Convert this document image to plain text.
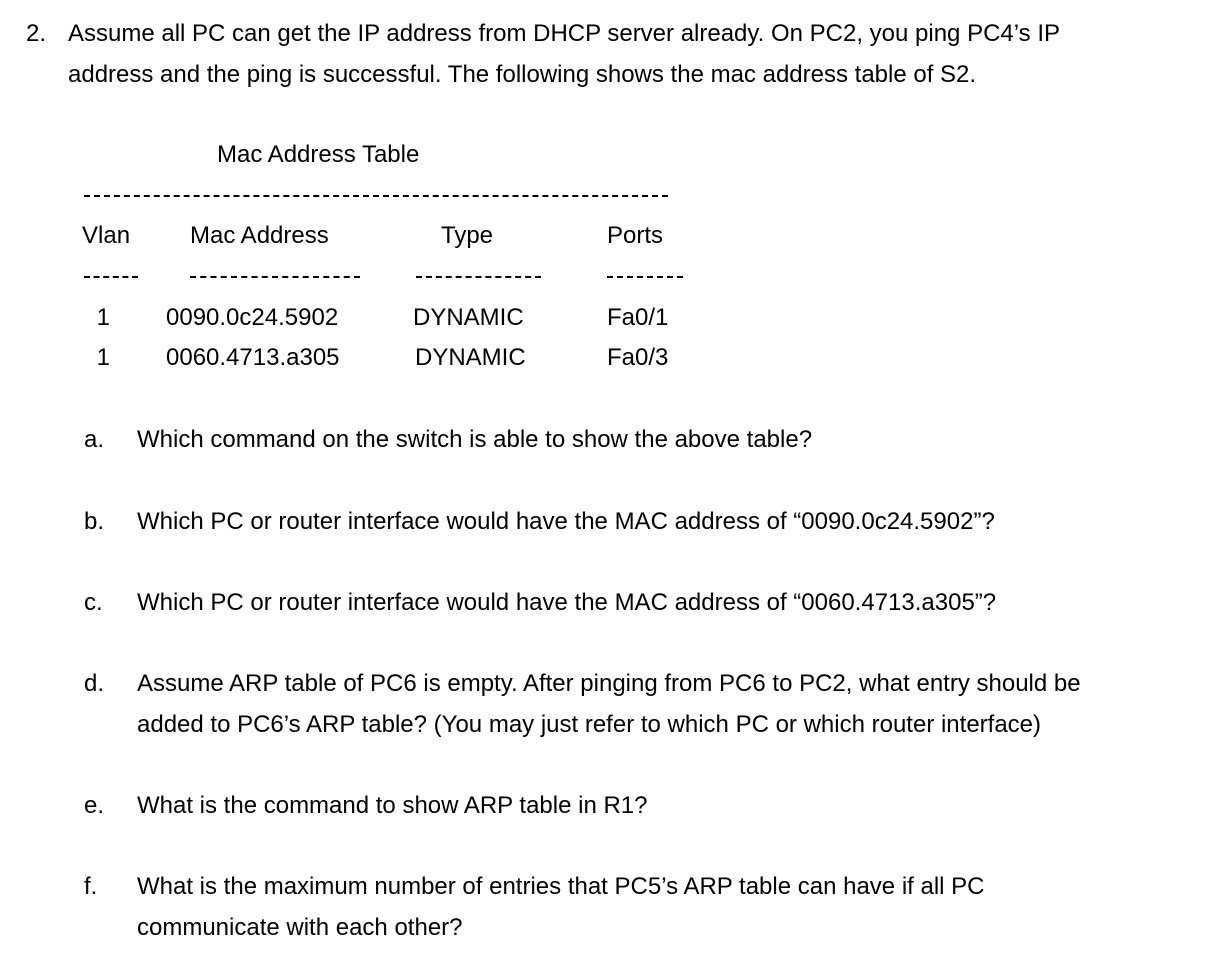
2. Assume all PC can get the IP address from DHCP server already. On PC2, you ping PC4’s IP
address and the ping is successful. The following shows the mac address table of S2.
Mac Address Table
Vlan Mac Address	Type	Ports
1 0090.0c24.5902	DYNAMIC	Fa0/1
1 0060.4713.a305	DYNAMIC	Fa0/3
a. Which command on the switch is able to show the above table?
b. Which PC or router interface would have the MAC address of “0090.0c24.5902”?
c. Which PC or router interface would have the MAC address of “0060.4713.a305”?
d. Assume ARP table of PC6 is empty. After pinging from PC6 to PC2, what entry should be
added to PC6’s ARP table? (You may just refer to which PC or which router interface)
e. What is the command to show ARP table in R1?
f. What is the maximum number of entries that PC5’s ARP table can have if all PC
communicate with each other?
